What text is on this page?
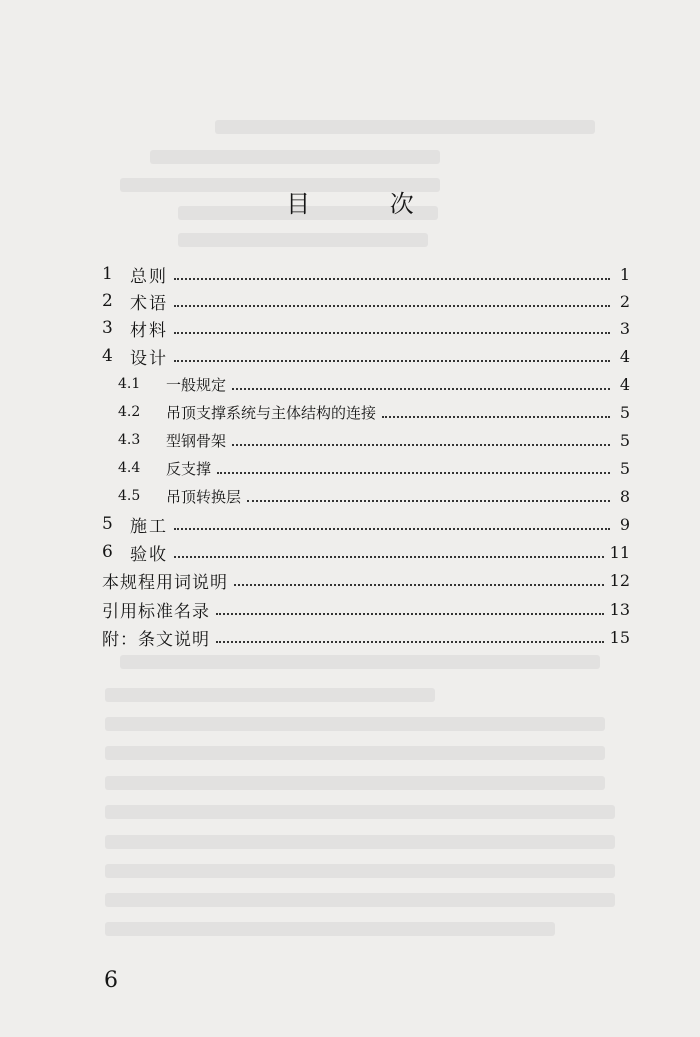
目 次
1	总则	1
2	术语	2
3	材料	3
4	设计	4
4.1	一般规定	4
4.2	吊顶支撑系统与主体结构的连接	5
4.3	型钢骨架	5
4.4	反支撑	5
4.5	吊顶转换层	8
5	施工	9
6	验收	11
本规程用词说明	12
引用标准名录	13
附：条文说明	15
6
